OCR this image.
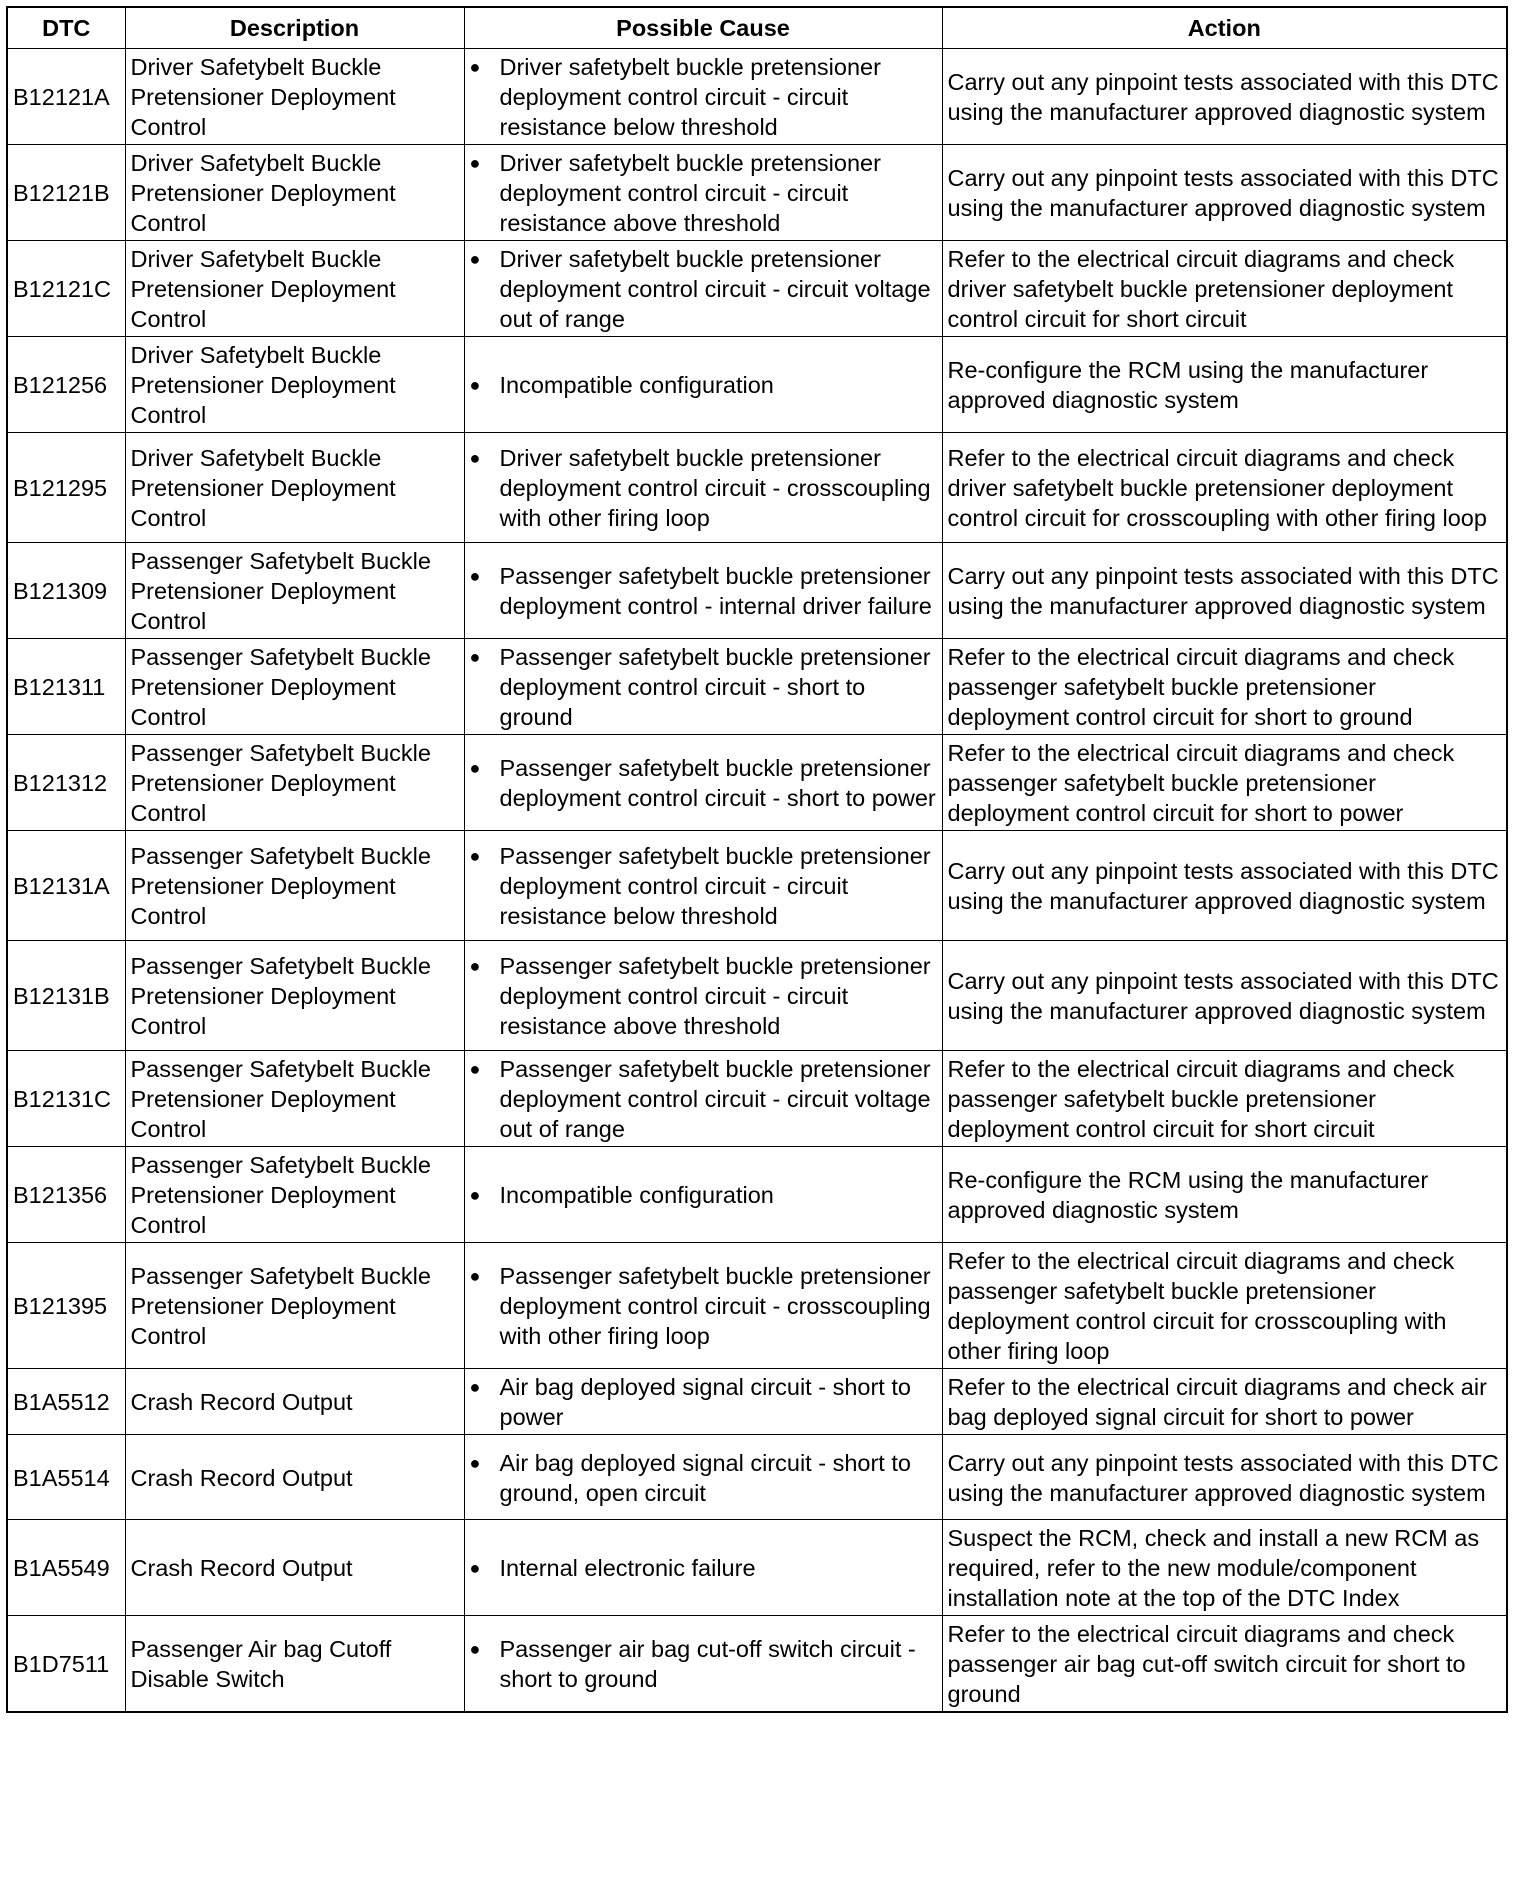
DTC	Description	Possible Cause	Action
B12121A	Driver Safetybelt Buckle Pretensioner Deployment Control	● Driver safetybelt buckle pretensioner deployment control circuit - circuit resistance below threshold	Carry out any pinpoint tests associated with this DTC using the manufacturer approved diagnostic system
B12121B	Driver Safetybelt Buckle Pretensioner Deployment Control	● Driver safetybelt buckle pretensioner deployment control circuit - circuit resistance above threshold	Carry out any pinpoint tests associated with this DTC using the manufacturer approved diagnostic system
B12121C	Driver Safetybelt Buckle Pretensioner Deployment Control	● Driver safetybelt buckle pretensioner deployment control circuit - circuit voltage out of range	Refer to the electrical circuit diagrams and check driver safetybelt buckle pretensioner deployment control circuit for short circuit
B121256	Driver Safetybelt Buckle Pretensioner Deployment Control	● Incompatible configuration	Re-configure the RCM using the manufacturer approved diagnostic system
B121295	Driver Safetybelt Buckle Pretensioner Deployment Control	● Driver safetybelt buckle pretensioner deployment control circuit - crosscoupling with other firing loop	Refer to the electrical circuit diagrams and check driver safetybelt buckle pretensioner deployment control circuit for crosscoupling with other firing loop
B121309	Passenger Safetybelt Buckle Pretensioner Deployment Control	● Passenger safetybelt buckle pretensioner deployment control - internal driver failure	Carry out any pinpoint tests associated with this DTC using the manufacturer approved diagnostic system
B121311	Passenger Safetybelt Buckle Pretensioner Deployment Control	● Passenger safetybelt buckle pretensioner deployment control circuit - short to ground	Refer to the electrical circuit diagrams and check passenger safetybelt buckle pretensioner deployment control circuit for short to ground
B121312	Passenger Safetybelt Buckle Pretensioner Deployment Control	● Passenger safetybelt buckle pretensioner deployment control circuit - short to power	Refer to the electrical circuit diagrams and check passenger safetybelt buckle pretensioner deployment control circuit for short to power
B12131A	Passenger Safetybelt Buckle Pretensioner Deployment Control	● Passenger safetybelt buckle pretensioner deployment control circuit - circuit resistance below threshold	Carry out any pinpoint tests associated with this DTC using the manufacturer approved diagnostic system
B12131B	Passenger Safetybelt Buckle Pretensioner Deployment Control	● Passenger safetybelt buckle pretensioner deployment control circuit - circuit resistance above threshold	Carry out any pinpoint tests associated with this DTC using the manufacturer approved diagnostic system
B12131C	Passenger Safetybelt Buckle Pretensioner Deployment Control	● Passenger safetybelt buckle pretensioner deployment control circuit - circuit voltage out of range	Refer to the electrical circuit diagrams and check passenger safetybelt buckle pretensioner deployment control circuit for short circuit
B121356	Passenger Safetybelt Buckle Pretensioner Deployment Control	● Incompatible configuration	Re-configure the RCM using the manufacturer approved diagnostic system
B121395	Passenger Safetybelt Buckle Pretensioner Deployment Control	● Passenger safetybelt buckle pretensioner deployment control circuit - crosscoupling with other firing loop	Refer to the electrical circuit diagrams and check passenger safetybelt buckle pretensioner deployment control circuit for crosscoupling with other firing loop
B1A5512	Crash Record Output	● Air bag deployed signal circuit - short to power	Refer to the electrical circuit diagrams and check air bag deployed signal circuit for short to power
B1A5514	Crash Record Output	● Air bag deployed signal circuit - short to ground, open circuit	Carry out any pinpoint tests associated with this DTC using the manufacturer approved diagnostic system
B1A5549	Crash Record Output	● Internal electronic failure	Suspect the RCM, check and install a new RCM as required, refer to the new module/component installation note at the top of the DTC Index
B1D7511	Passenger Air bag Cutoff Disable Switch	● Passenger air bag cut-off switch circuit - short to ground	Refer to the electrical circuit diagrams and check passenger air bag cut-off switch circuit for short to ground
